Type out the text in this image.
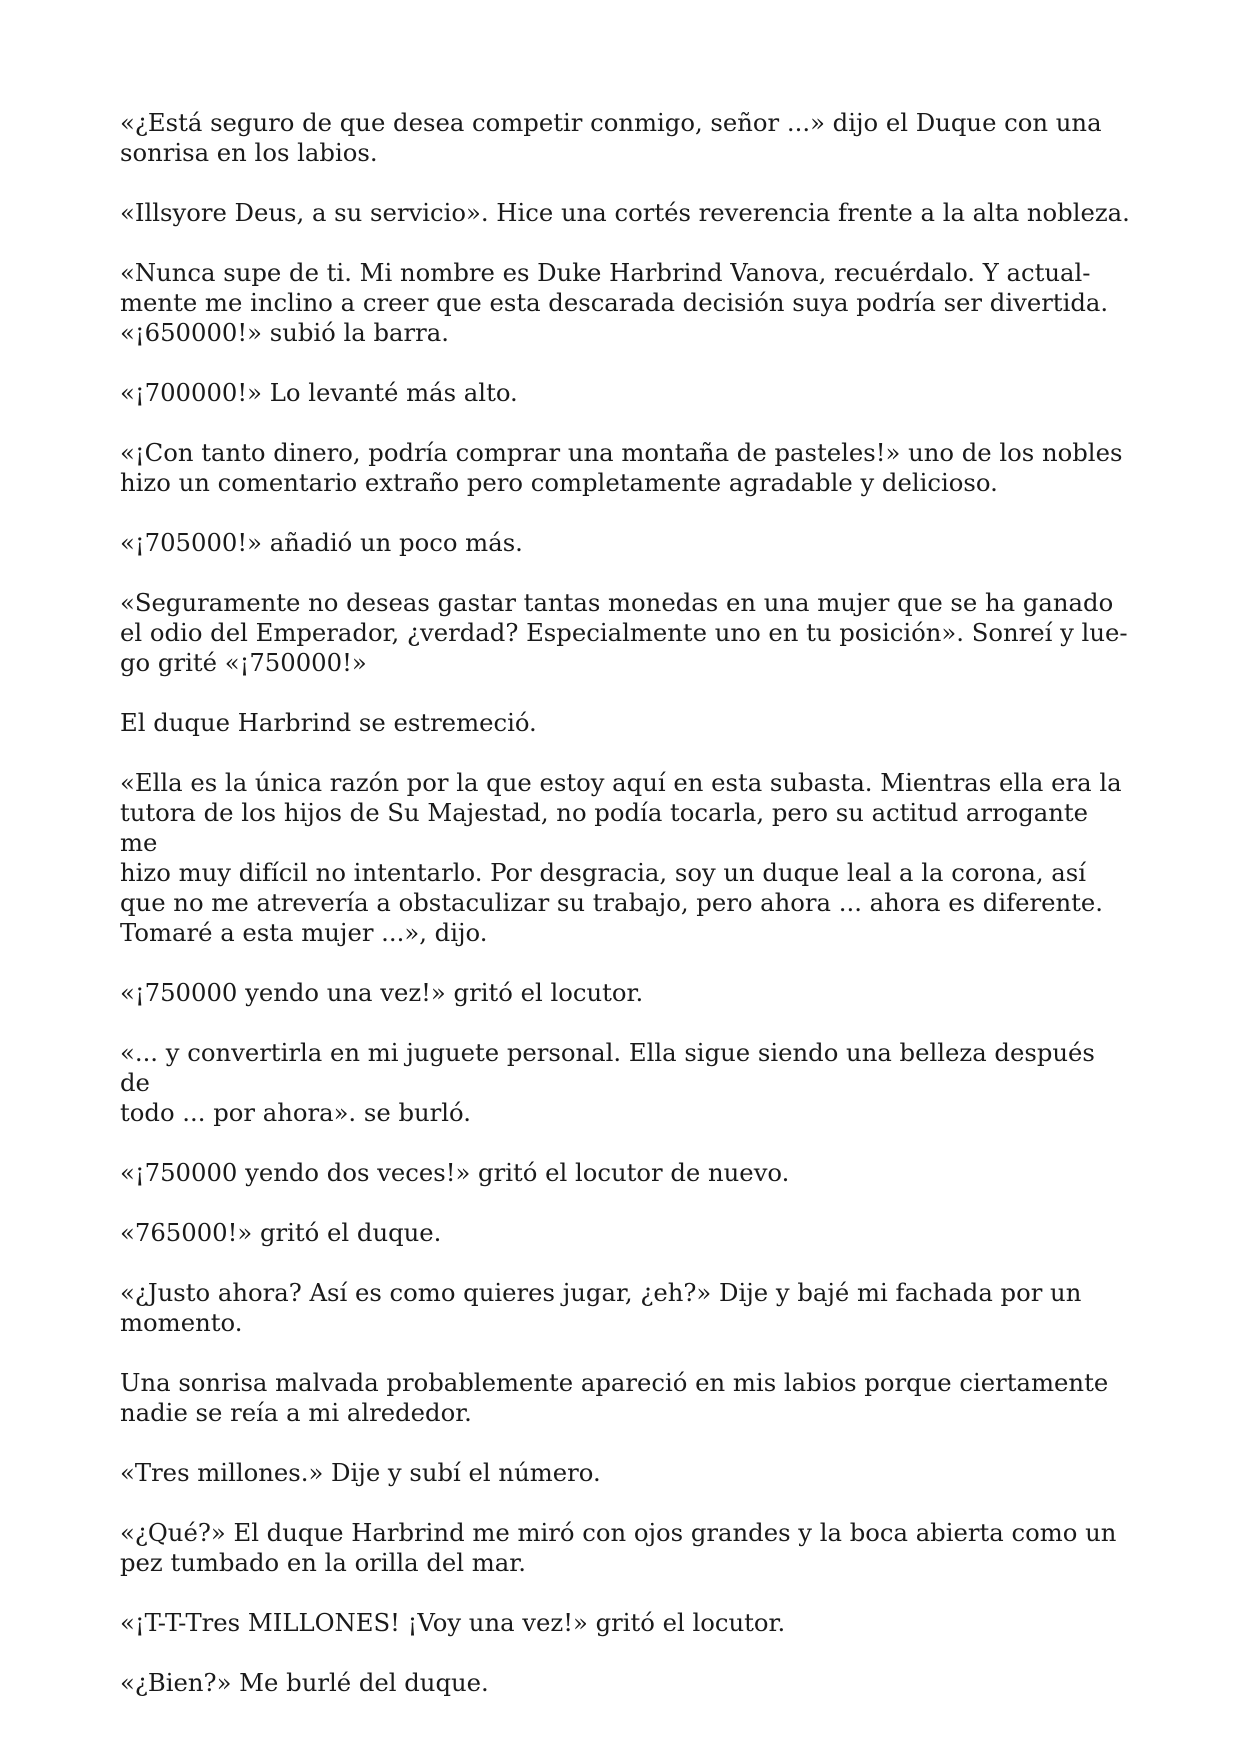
«¿Está seguro de que desea competir conmigo, señor ...» dijo el Duque con una
sonrisa en los labios.

«Illsyore Deus, a su servicio». Hice una cortés reverencia frente a la alta nobleza.

«Nunca supe de ti. Mi nombre es Duke Harbrind Vanova, recuérdalo. Y actual-
mente me inclino a creer que esta descarada decisión suya podría ser divertida.
«¡650000!» subió la barra.

«¡700000!» Lo levanté más alto.

«¡Con tanto dinero, podría comprar una montaña de pasteles!» uno de los nobles
hizo un comentario extraño pero completamente agradable y delicioso.

«¡705000!» añadió un poco más.

«Seguramente no deseas gastar tantas monedas en una mujer que se ha ganado
el odio del Emperador, ¿verdad? Especialmente uno en tu posición». Sonreí y lue-
go grité «¡750000!»

El duque Harbrind se estremeció.

«Ella es la única razón por la que estoy aquí en esta subasta. Mientras ella era la
tutora de los hijos de Su Majestad, no podía tocarla, pero su actitud arrogante me
hizo muy difícil no intentarlo. Por desgracia, soy un duque leal a la corona, así
que no me atrevería a obstaculizar su trabajo, pero ahora ... ahora es diferente.
Tomaré a esta mujer ...», dijo.

«¡750000 yendo una vez!» gritó el locutor.

«... y convertirla en mi juguete personal. Ella sigue siendo una belleza después de
todo ... por ahora». se burló.

«¡750000 yendo dos veces!» gritó el locutor de nuevo.

«765000!» gritó el duque.

«¿Justo ahora? Así es como quieres jugar, ¿eh?» Dije y bajé mi fachada por un
momento.

Una sonrisa malvada probablemente apareció en mis labios porque ciertamente
nadie se reía a mi alrededor.

«Tres millones.» Dije y subí el número.

«¿Qué?» El duque Harbrind me miró con ojos grandes y la boca abierta como un
pez tumbado en la orilla del mar.

«¡T-T-Tres MILLONES! ¡Voy una vez!» gritó el locutor.

«¿Bien?» Me burlé del duque.
